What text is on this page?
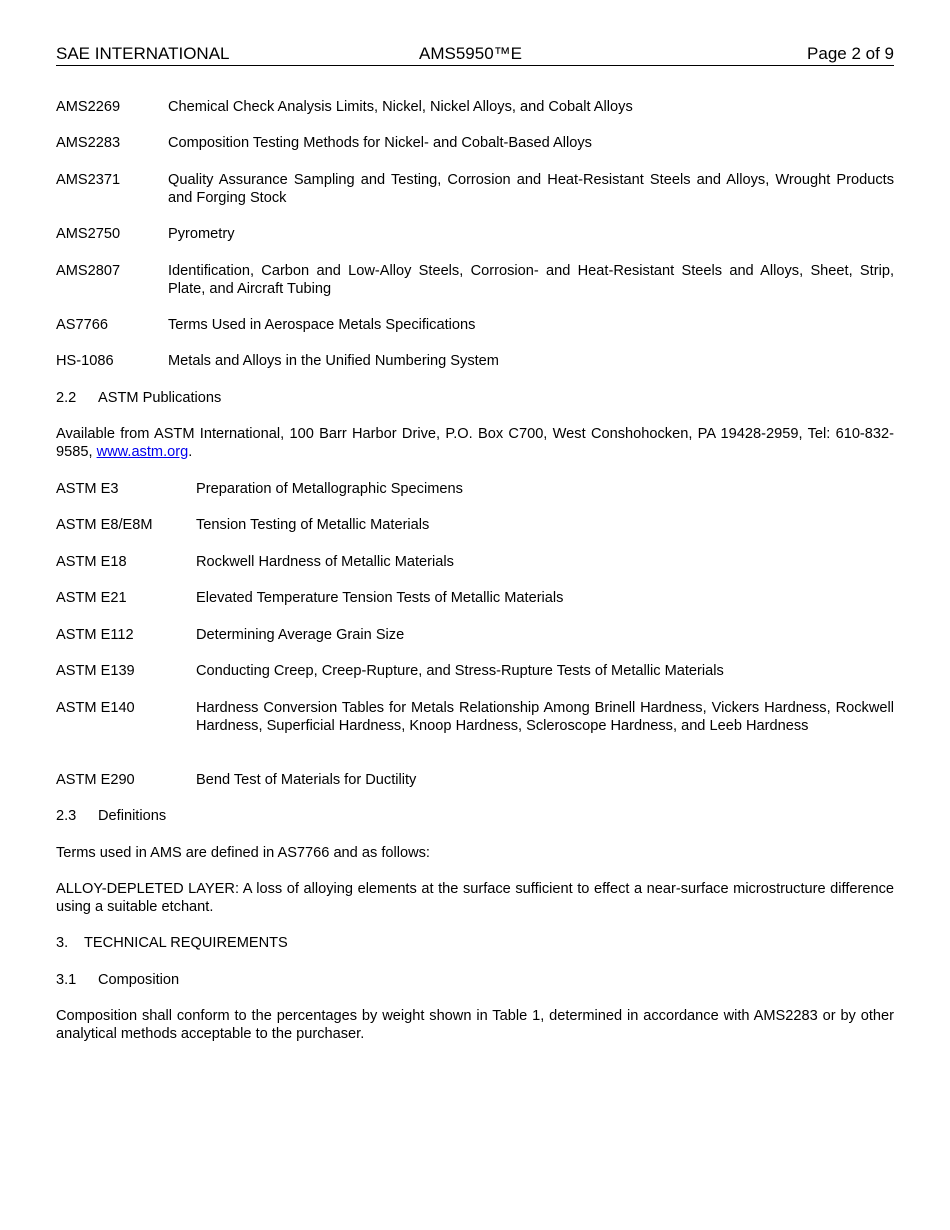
SAE INTERNATIONAL	AMS5950™E	Page 2 of 9
AMS2269	Chemical Check Analysis Limits, Nickel, Nickel Alloys, and Cobalt Alloys
AMS2283	Composition Testing Methods for Nickel- and Cobalt-Based Alloys
AMS2371	Quality Assurance Sampling and Testing, Corrosion and Heat-Resistant Steels and Alloys, Wrought Products and Forging Stock
AMS2750	Pyrometry
AMS2807	Identification, Carbon and Low-Alloy Steels, Corrosion- and Heat-Resistant Steels and Alloys, Sheet, Strip, Plate, and Aircraft Tubing
AS7766	Terms Used in Aerospace Metals Specifications
HS-1086	Metals and Alloys in the Unified Numbering System
2.2 ASTM Publications
Available from ASTM International, 100 Barr Harbor Drive, P.O. Box C700, West Conshohocken, PA 19428-2959, Tel: 610-832-9585, www.astm.org.
ASTM E3	Preparation of Metallographic Specimens
ASTM E8/E8M	Tension Testing of Metallic Materials
ASTM E18	Rockwell Hardness of Metallic Materials
ASTM E21	Elevated Temperature Tension Tests of Metallic Materials
ASTM E112	Determining Average Grain Size
ASTM E139	Conducting Creep, Creep-Rupture, and Stress-Rupture Tests of Metallic Materials
ASTM E140	Hardness Conversion Tables for Metals Relationship Among Brinell Hardness, Vickers Hardness, Rockwell Hardness, Superficial Hardness, Knoop Hardness, Scleroscope Hardness, and Leeb Hardness
ASTM E290	Bend Test of Materials for Ductility
2.3 Definitions
Terms used in AMS are defined in AS7766 and as follows:
ALLOY-DEPLETED LAYER: A loss of alloying elements at the surface sufficient to effect a near-surface microstructure difference using a suitable etchant.
3. TECHNICAL REQUIREMENTS
3.1 Composition
Composition shall conform to the percentages by weight shown in Table 1, determined in accordance with AMS2283 or by other analytical methods acceptable to the purchaser.
